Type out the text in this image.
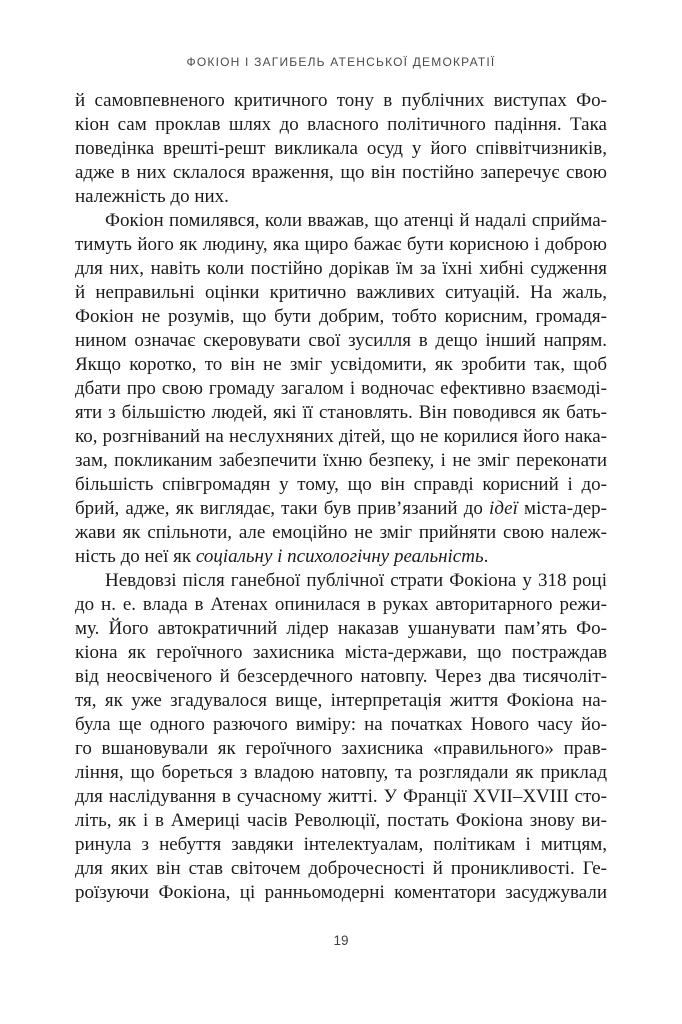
ФОКІОН І ЗАГИБЕЛЬ АТЕНСЬКОЇ ДЕМОКРАТІЇ
й самовпевненого критичного тону в публічних виступах Фо-
кіон сам проклав шлях до власного політичного падіння. Така
поведінка врешті-решт викликала осуд у його співвітчизників,
адже в них склалося враження, що він постійно заперечує свою
належність до них.
Фокіон помилявся, коли вважав, що атенці й надалі сприйма-
тимуть його як людину, яка щиро бажає бути корисною і доброю
для них, навіть коли постійно дорікав їм за їхні хибні судження
й неправильні оцінки критично важливих ситуацій. На жаль,
Фокіон не розумів, що бути добрим, тобто корисним, громадя-
нином означає скеровувати свої зусилля в дещо інший напрям.
Якщо коротко, то він не зміг усвідомити, як зробити так, щоб
дбати про свою громаду загалом і водночас ефективно взаємоді-
яти з більшістю людей, які її становлять. Він поводився як бать-
ко, розгніваний на неслухняних дітей, що не корилися його нака-
зам, покликаним забезпечити їхню безпеку, і не зміг переконати
більшість співгромадян у тому, що він справді корисний і до-
брий, адже, як виглядає, таки був прив’язаний до ідеї міста-дер-
жави як спільноти, але емоційно не зміг прийняти свою належ-
ність до неї як соціальну і психологічну реальність.
Невдовзі після ганебної публічної страти Фокіона у 318 році
до н. е. влада в Атенах опинилася в руках авторитарного режи-
му. Його автократичний лідер наказав ушанувати пам’ять Фо-
кіона як героїчного захисника міста-держави, що постраждав
від неосвіченого й безсердечного натовпу. Через два тисячоліт-
тя, як уже згадувалося вище, інтерпретація життя Фокіона на-
була ще одного разючого виміру: на початках Нового часу йо-
го вшановували як героїчного захисника «правильного» прав-
ління, що бореться з владою натовпу, та розглядали як приклад
для наслідування в сучасному житті. У Франції XVII–XVIII сто-
літь, як і в Америці часів Революції, постать Фокіона знову ви-
ринула з небуття завдяки інтелектуалам, політикам і митцям,
для яких він став світочем доброчесності й проникливості. Ге-
роїзуючи Фокіона, ці ранньомодерні коментатори засуджували
19
